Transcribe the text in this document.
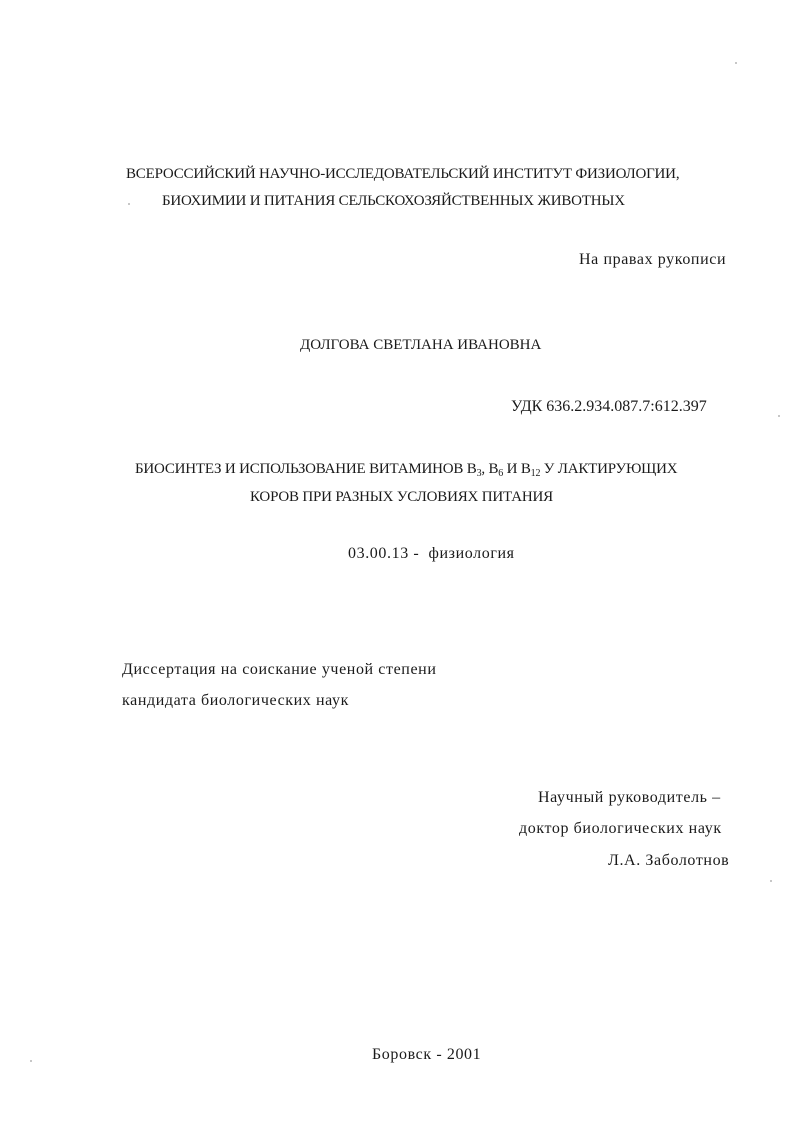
ВСЕРОССИЙСКИЙ НАУЧНО-ИССЛЕДОВАТЕЛЬСКИЙ ИНСТИТУТ ФИЗИОЛОГИИ,
БИОХИМИИ И ПИТАНИЯ СЕЛЬСКОХОЗЯЙСТВЕННЫХ ЖИВОТНЫХ
На правах рукописи
ДОЛГОВА СВЕТЛАНА ИВАНОВНА
УДК 636.2.934.087.7:612.397
БИОСИНТЕЗ И ИСПОЛЬЗОВАНИЕ ВИТАМИНОВ $В_3$, $В_6$ И $В_{12}$ У ЛАКТИРУЮЩИХ
КОРОВ ПРИ РАЗНЫХ УСЛОВИЯХ ПИТАНИЯ
03.00.13 -  физиология
Диссертация на соискание ученой степени
кандидата биологических наук
Научный руководитель –
доктор биологических наук
Л.А. Заболотнов
Боровск - 2001
